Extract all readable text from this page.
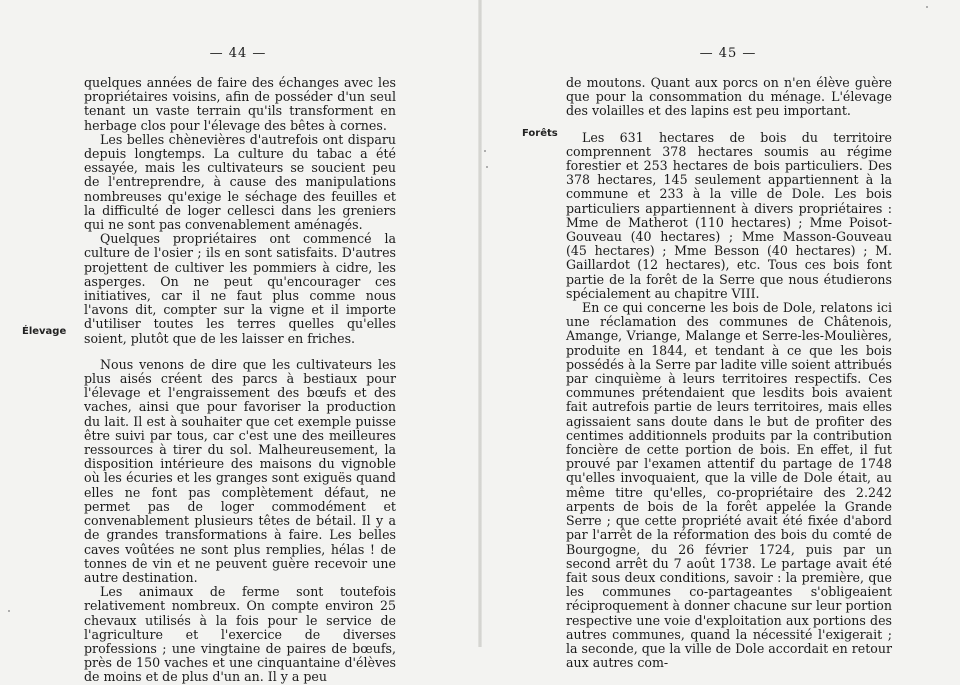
— 44 —
Élevage

quelques années de faire des échanges avec les propriétaires voisins, afin de posséder d'un seul tenant un vaste terrain qu'ils transforment en herbage clos pour l'élevage des bêtes à cornes.

Les belles chènevières d'autrefois ont disparu depuis longtemps. La culture du tabac a été essayée, mais les cultivateurs se soucient peu de l'entreprendre, à cause des manipulations nombreuses qu'exige le séchage des feuilles et la difficulté de loger cellesci dans les greniers qui ne sont pas convenablement aménagés.

Quelques propriétaires ont commencé la culture de l'osier ; ils en sont satisfaits. D'autres projettent de cultiver les pommiers à cidre, les asperges. On ne peut qu'encourager ces initiatives, car il ne faut plus comme nous l'avons dit, compter sur la vigne et il importe d'utiliser toutes les terres quelles qu'elles soient, plutôt que de les laisser en friches.

Nous venons de dire que les cultivateurs les plus aisés créent des parcs à bestiaux pour l'élevage et l'engraissement des bœufs et des vaches, ainsi que pour favoriser la production du lait. Il est à souhaiter que cet exemple puisse être suivi par tous, car c'est une des meilleures ressources à tirer du sol. Malheureusement, la disposition intérieure des maisons du vignoble où les écuries et les granges sont exiguës quand elles ne font pas complètement défaut, ne permet pas de loger commodément et convenablement plusieurs têtes de bétail. Il y a de grandes transformations à faire. Les belles caves voûtées ne sont plus remplies, hélas ! de tonnes de vin et ne peuvent guère recevoir une autre destination.

Les animaux de ferme sont toutefois relativement nombreux. On compte environ 25 chevaux utilisés à la fois pour le service de l'agriculture et l'exercice de diverses professions ; une vingtaine de paires de bœufs, près de 150 vaches et une cinquantaine d'élèves de moins et de plus d'un an. Il y a peu

— 45 —
Forêts

de moutons. Quant aux porcs on n'en élève guère que pour la consommation du ménage. L'élevage des volailles et des lapins est peu important.

Les 631 hectares de bois du territoire comprennent 378 hectares soumis au régime forestier et 253 hectares de bois particuliers. Des 378 hectares, 145 seulement appartiennent à la commune et 233 à la ville de Dole. Les bois particuliers appartiennent à divers propriétaires : Mme de Matherot (110 hectares) ; Mme Poisot-Gouveau (40 hectares) ; Mme Masson-Gouveau (45 hectares) ; Mme Besson (40 hectares) ; M. Gaillardot (12 hectares), etc. Tous ces bois font partie de la forêt de la Serre que nous étudierons spécialement au chapitre VIII.

En ce qui concerne les bois de Dole, relatons ici une réclamation des communes de Châtenois, Amange, Vriange, Malange et Serre-les-Moulières, produite en 1844, et tendant à ce que les bois possédés à la Serre par ladite ville soient attribués par cinquième à leurs territoires respectifs. Ces communes prétendaient que lesdits bois avaient fait autrefois partie de leurs territoires, mais elles agissaient sans doute dans le but de profiter des centimes additionnels produits par la contribution foncière de cette portion de bois. En effet, il fut prouvé par l'examen attentif du partage de 1748 qu'elles invoquaient, que la ville de Dole était, au même titre qu'elles, co-propriétaire des 2.242 arpents de bois de la forêt appelée la Grande Serre ; que cette propriété avait été fixée d'abord par l'arrêt de la réformation des bois du comté de Bourgogne, du 26 février 1724, puis par un second arrêt du 7 août 1738. Le partage avait été fait sous deux conditions, savoir : la première, que les communes co-partageantes s'obligeaient réciproquement à donner chacune sur leur portion respective une voie d'exploitation aux portions des autres communes, quand la nécessité l'exigerait ; la seconde, que la ville de Dole accordait en retour aux autres com-
